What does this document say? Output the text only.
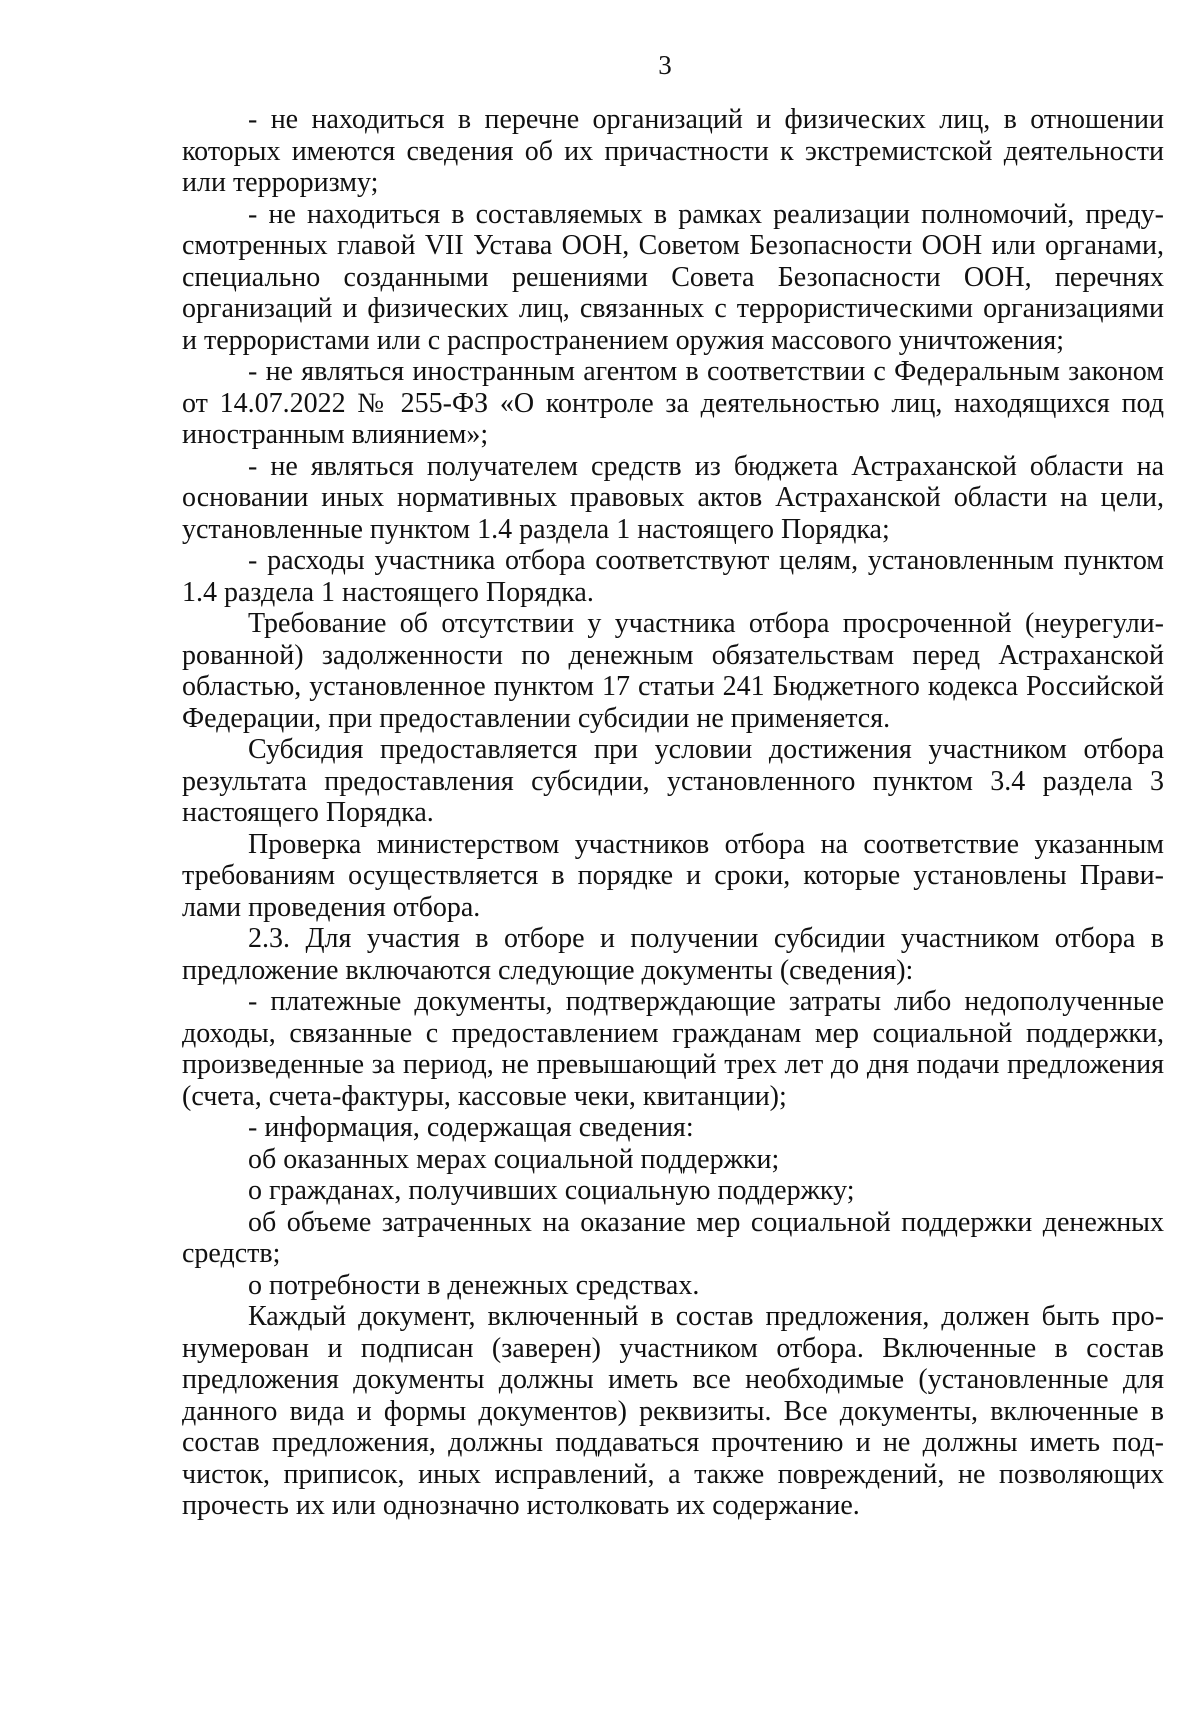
3

- не находиться в перечне организаций и физических лиц, в отношении которых имеются сведения об их причастности к экстремистской деятельности или терроризму;

- не находиться в составляемых в рамках реализации полномочий, предусмотренных главой VII Устава ООН, Советом Безопасности ООН или органами, специально созданными решениями Совета Безопасности ООН, перечнях организаций и физических лиц, связанных с террористическими организациями и террористами или с распространением оружия массового уничтожения;

- не являться иностранным агентом в соответствии с Федеральным законом от 14.07.2022 № 255-ФЗ «О контроле за деятельностью лиц, находящихся под иностранным влиянием»;

- не являться получателем средств из бюджета Астраханской области на основании иных нормативных правовых актов Астраханской области на цели, установленные пунктом 1.4 раздела 1 настоящего Порядка;

- расходы участника отбора соответствуют целям, установленным пунктом 1.4 раздела 1 настоящего Порядка.

Требование об отсутствии у участника отбора просроченной (неурегулированной) задолженности по денежным обязательствам перед Астраханской областью, установленное пунктом 17 статьи 241 Бюджетного кодекса Российской Федерации, при предоставлении субсидии не применяется.

Субсидия предоставляется при условии достижения участником отбора результата предоставления субсидии, установленного пунктом 3.4 раздела 3 настоящего Порядка.

Проверка министерством участников отбора на соответствие указанным требованиям осуществляется в порядке и сроки, которые установлены Правилами проведения отбора.

2.3. Для участия в отборе и получении субсидии участником отбора в предложение включаются следующие документы (сведения):

- платежные документы, подтверждающие затраты либо недополученные доходы, связанные с предоставлением гражданам мер социальной поддержки, произведенные за период, не превышающий трех лет до дня подачи предложения (счета, счета-фактуры, кассовые чеки, квитанции);

- информация, содержащая сведения:

об оказанных мерах социальной поддержки;

о гражданах, получивших социальную поддержку;

об объеме затраченных на оказание мер социальной поддержки денежных средств;

о потребности в денежных средствах.

Каждый документ, включенный в состав предложения, должен быть пронумерован и подписан (заверен) участником отбора. Включенные в состав предложения документы должны иметь все необходимые (установленные для данного вида и формы документов) реквизиты. Все документы, включенные в состав предложения, должны поддаваться прочтению и не должны иметь подчисток, приписок, иных исправлений, а также повреждений, не позволяющих прочесть их или однозначно истолковать их содержание.
